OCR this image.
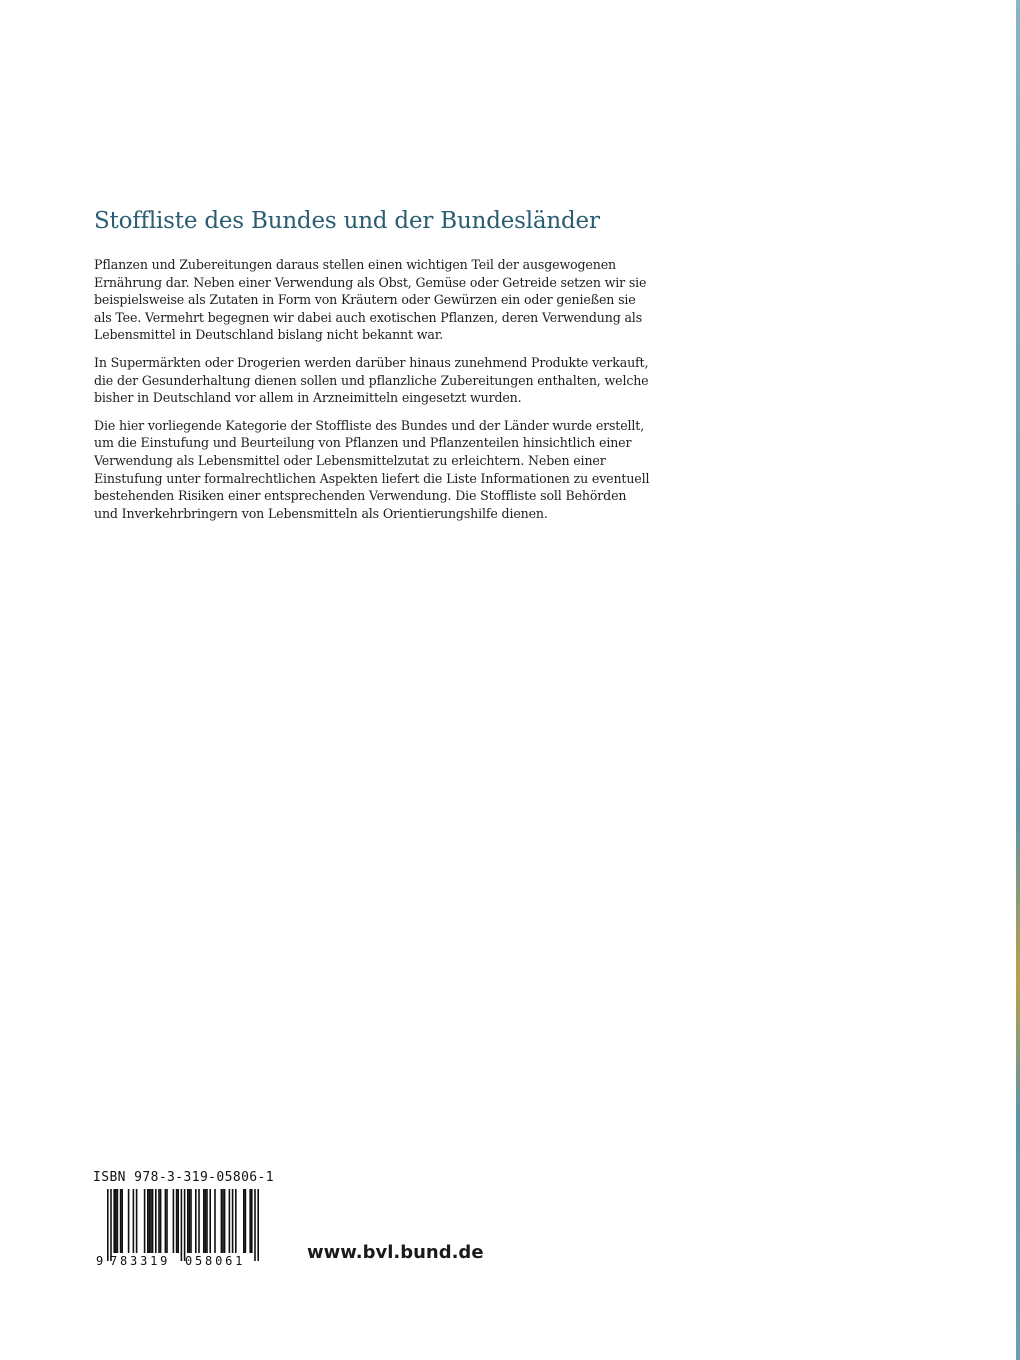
Stoffliste des Bundes und der Bundesländer

Pflanzen und Zubereitungen daraus stellen einen wichtigen Teil der ausgewogenen Ernährung dar. Neben einer Verwendung als Obst, Gemüse oder Getreide setzen wir sie beispielsweise als Zutaten in Form von Kräutern oder Gewürzen ein oder genießen sie als Tee. Vermehrt begegnen wir dabei auch exotischen Pflanzen, deren Verwendung als Lebensmittel in Deutschland bislang nicht bekannt war.

In Supermärkten oder Drogerien werden darüber hinaus zunehmend Produkte verkauft, die der Gesunderhaltung dienen sollen und pflanzliche Zubereitungen enthalten, welche bisher in Deutschland vor allem in Arzneimitteln eingesetzt wurden.

Die hier vorliegende Kategorie der Stoffliste des Bundes und der Länder wurde erstellt, um die Einstufung und Beurteilung von Pflanzen und Pflanzenteilen hinsichtlich einer Verwendung als Lebensmittel oder Lebensmittelzutat zu erleichtern. Neben einer Einstufung unter formalrechtlichen Aspekten liefert die Liste Informationen zu eventuell bestehenden Risiken einer entsprechenden Verwendung. Die Stoffliste soll Behörden und Inverkehrbringern von Lebensmitteln als Orientierungshilfe dienen.

ISBN 978-3-319-05806-1
9 783319 058061	www.bvl.bund.de
